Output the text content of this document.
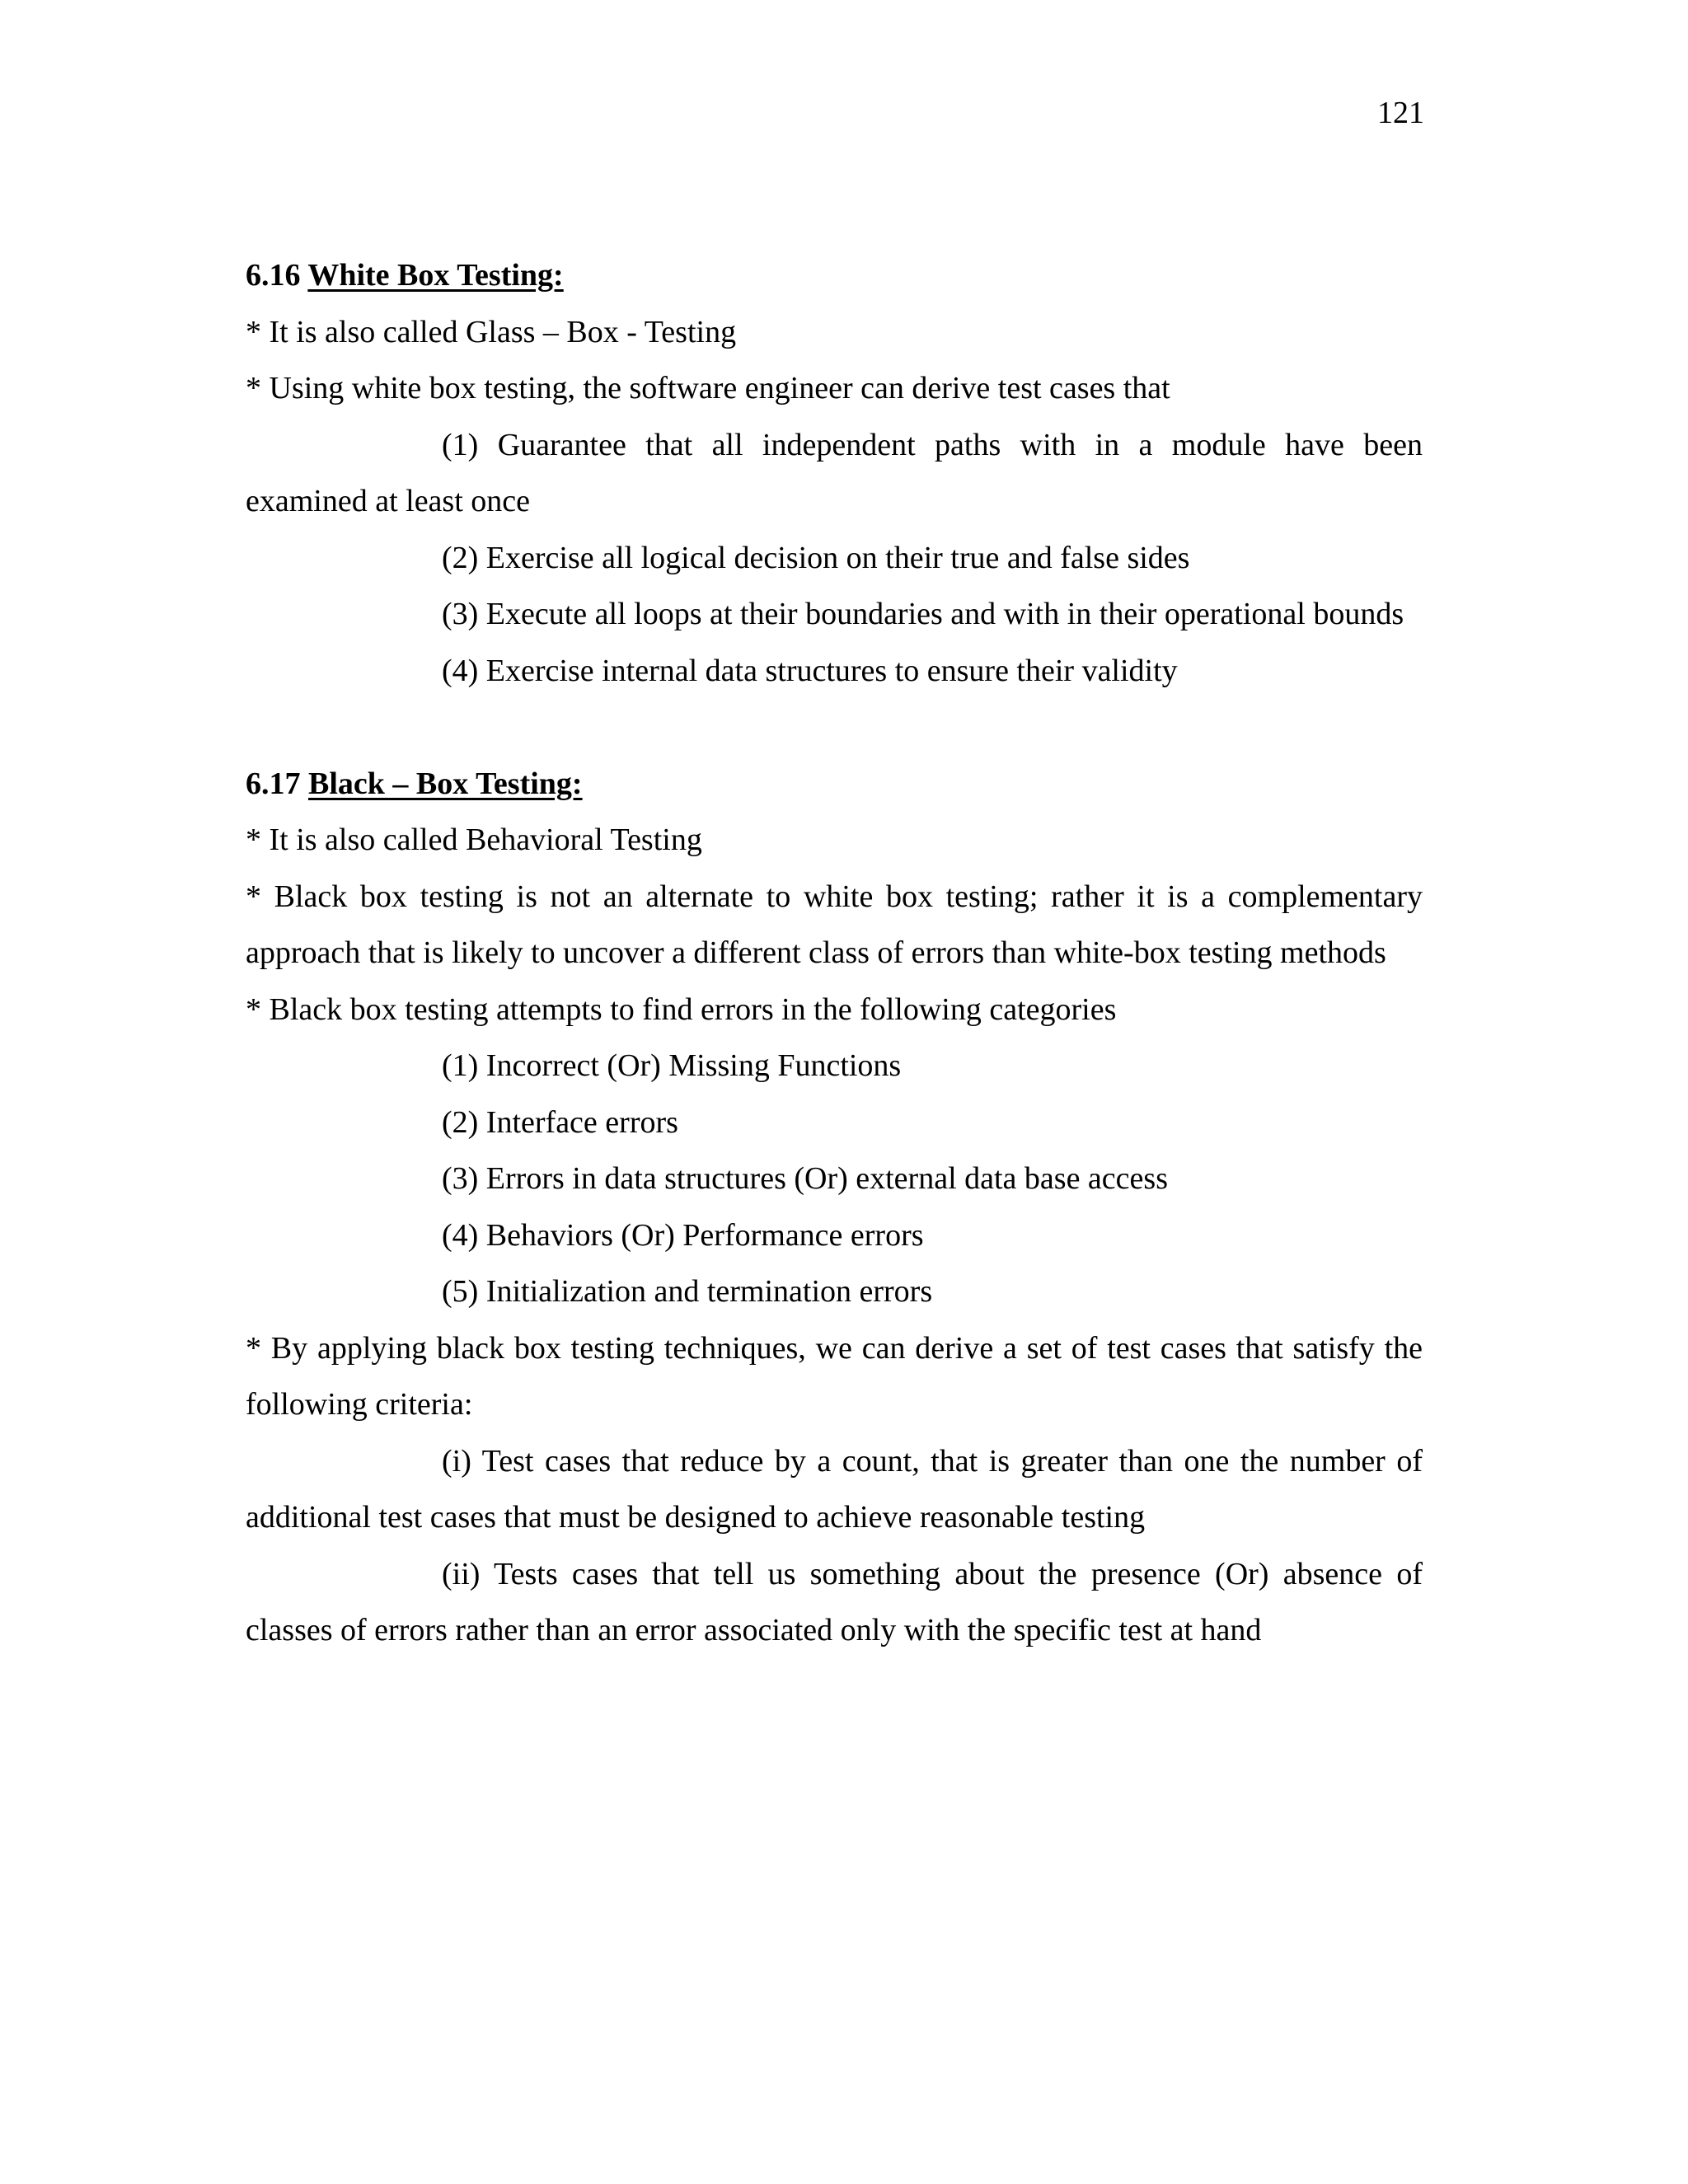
121

6.16 White Box Testing:

* It is also called Glass – Box - Testing

* Using white box testing, the software engineer can derive test cases that

(1) Guarantee that all independent paths with in a module have been examined at least once

(2) Exercise all logical decision on their true and false sides

(3) Execute all loops at their boundaries and with in their operational bounds

(4) Exercise internal data structures to ensure their validity

6.17 Black – Box Testing:

* It is also called Behavioral Testing

* Black box testing is not an alternate to white box testing; rather it is a complementary approach that is likely to uncover a different class of errors than white-box testing methods

* Black box testing attempts to find errors in the following categories

(1) Incorrect (Or) Missing Functions

(2) Interface errors

(3) Errors in data structures (Or) external data base access

(4) Behaviors (Or) Performance errors

(5) Initialization and termination errors

* By applying black box testing techniques, we can derive a set of test cases that satisfy the following criteria:

(i) Test cases that reduce by a count, that is greater than one the number of additional test cases that must be designed to achieve reasonable testing

(ii) Tests cases that tell us something about the presence (Or) absence of classes of errors rather than an error associated only with the specific test at hand
